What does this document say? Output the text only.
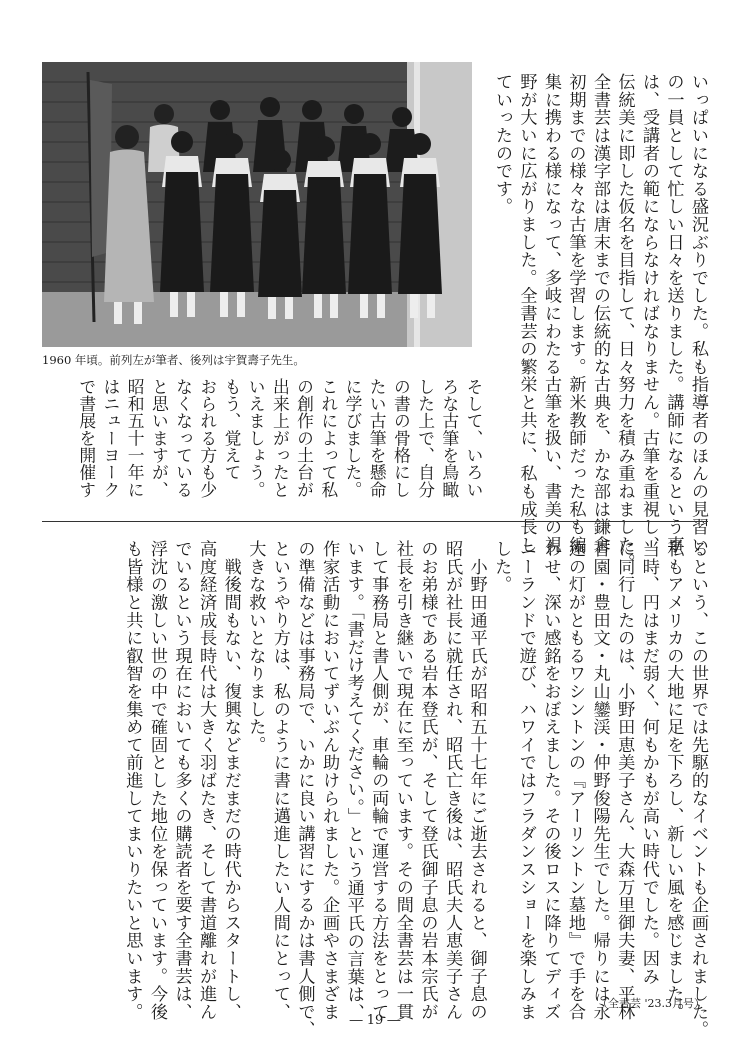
1960 年頃。前列左が筆者、後列は宇賀壽子先生。	いっぱいになる盛況ぶりでした。私も指導者のほんの見習い
の一員として忙しい日々を送りました。講師になるという事
は、受講者の範にならなければなりません。古筆を重視し、
伝統美に即した仮名を目指して、日々努力を積み重ねました。
全書芸は漢字部は唐末までの伝統的な古典を、かな部は鎌倉
初期までの様々な古筆を学習します。新米教師だった私も編
集に携わる様になって、多岐にわたる古筆を扱い、書美の視
野が大いに広がりました。全書芸の繁栄と共に、私も成長し
ていったのです。
そして、いろい
ろな古筆を鳥瞰
した上で、自分
の書の骨格にし
たい古筆を懸命
に学びました。
これによって私
の創作の土台が
出来上がったと
いえましょう。
もう、覚えて
おられる方も少
なくなっている
と思いますが、
昭和五十一年に
はニューヨーク
で書展を開催す
るという、この世界では先駆的なイベントも企画されました。
私もアメリカの大地に足を下ろし、新しい風を感じました。
当時、円はまだ弱く、何もかもが高い時代でした。因み
に同行したのは、小野田恵美子さん、大森万里御夫妻、平林
香園・豊田文・丸山鑾渓・仲野俊陽先生でした。帰りには永
遠の灯がともるワシントンの『アーリントン墓地』で手を合
わせ、深い感銘をおぼえました。その後ロスに降りてディズ
ニーランドで遊び、ハワイではフラダンスショーを楽しみま
した。
　小野田通平氏が昭和五十七年にご逝去されると、御子息の
昭氏が社長に就任され、昭氏亡き後は、昭氏夫人恵美子さん
のお弟様である岩本登氏が、そして登氏御子息の岩本宗氏が
社長を引き継いで現在に至っています。その間全書芸は一貫
して事務局と書人側が、車輪の両輪で運営する方法をとって
います。「書だけ考えてください。」という通平氏の言葉は、
作家活動においてずいぶん助けられました。企画やさまざま
の準備などは事務局で、いかに良い講習にするかは書人側で、
というやり方は、私のように書に邁進したい人間にとって、
大きな救いとなりました。
　戦後間もない、復興などまだまだの時代からスタートし、
高度経済成長時代は大きく羽ばたき、そして書道離れが進ん
でいるという現在においても多くの購読者を要す全書芸は、
浮沈の激しい世の中で確固とした地位を保っています。今後
も皆様と共に叡智を集めて前進してまいりたいと思います。	（全書芸 '23.3月号）
― 19 ―
